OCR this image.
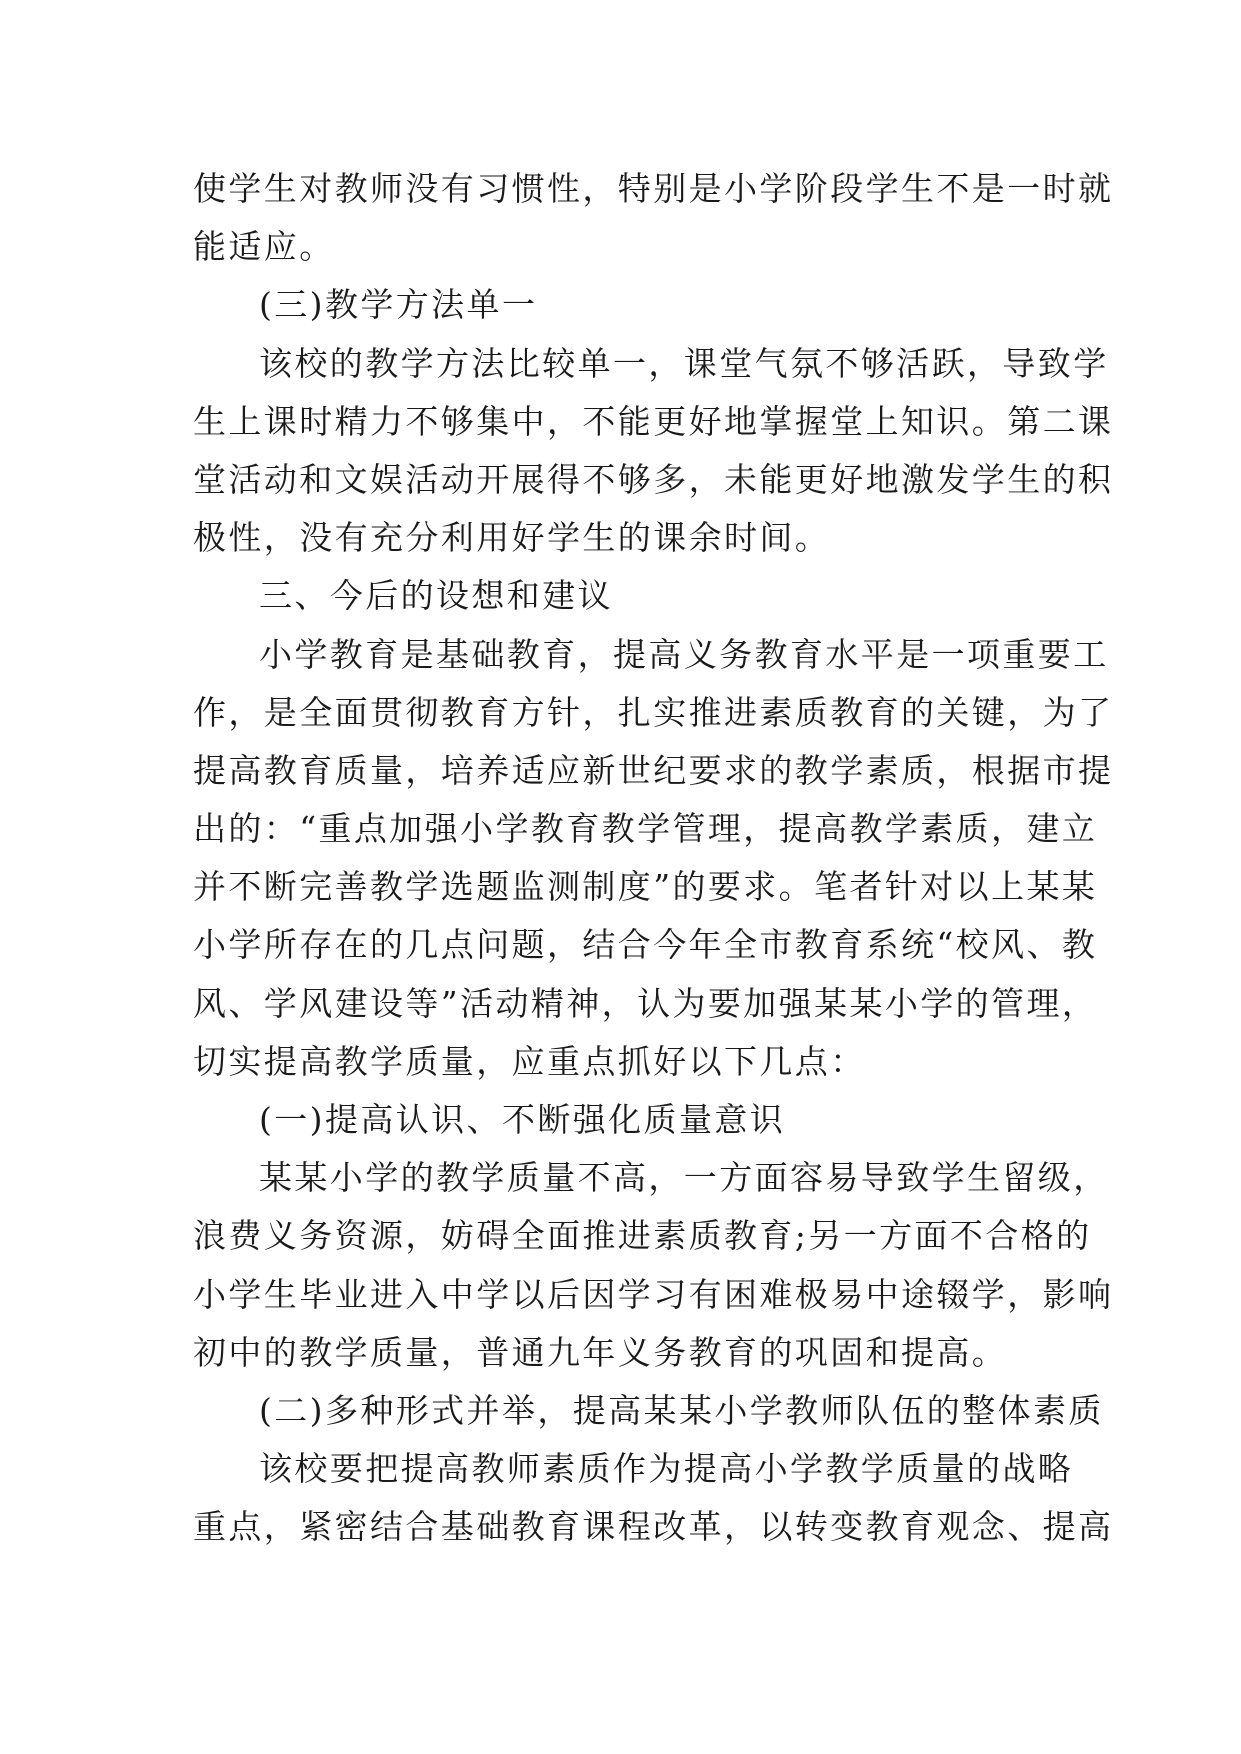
使学生对教师没有习惯性，特别是小学阶段学生不是一时就
能适应。
(三)教学方法单一
该校的教学方法比较单一，课堂气氛不够活跃，导致学
生上课时精力不够集中，不能更好地掌握堂上知识。第二课
堂活动和文娱活动开展得不够多，未能更好地激发学生的积
极性，没有充分利用好学生的课余时间。
三、今后的设想和建议
小学教育是基础教育，提高义务教育水平是一项重要工
作，是全面贯彻教育方针，扎实推进素质教育的关键，为了
提高教育质量，培养适应新世纪要求的教学素质，根据市提
出的：“重点加强小学教育教学管理，提高教学素质，建立
并不断完善教学选题监测制度”的要求。笔者针对以上某某
小学所存在的几点问题，结合今年全市教育系统“校风、教
风、学风建设等”活动精神，认为要加强某某小学的管理，
切实提高教学质量，应重点抓好以下几点：
(一)提高认识、不断强化质量意识
某某小学的教学质量不高，一方面容易导致学生留级，
浪费义务资源，妨碍全面推进素质教育;另一方面不合格的
小学生毕业进入中学以后因学习有困难极易中途辍学，影响
初中的教学质量，普通九年义务教育的巩固和提高。
(二)多种形式并举，提高某某小学教师队伍的整体素质
该校要把提高教师素质作为提高小学教学质量的战略
重点，紧密结合基础教育课程改革，以转变教育观念、提高
